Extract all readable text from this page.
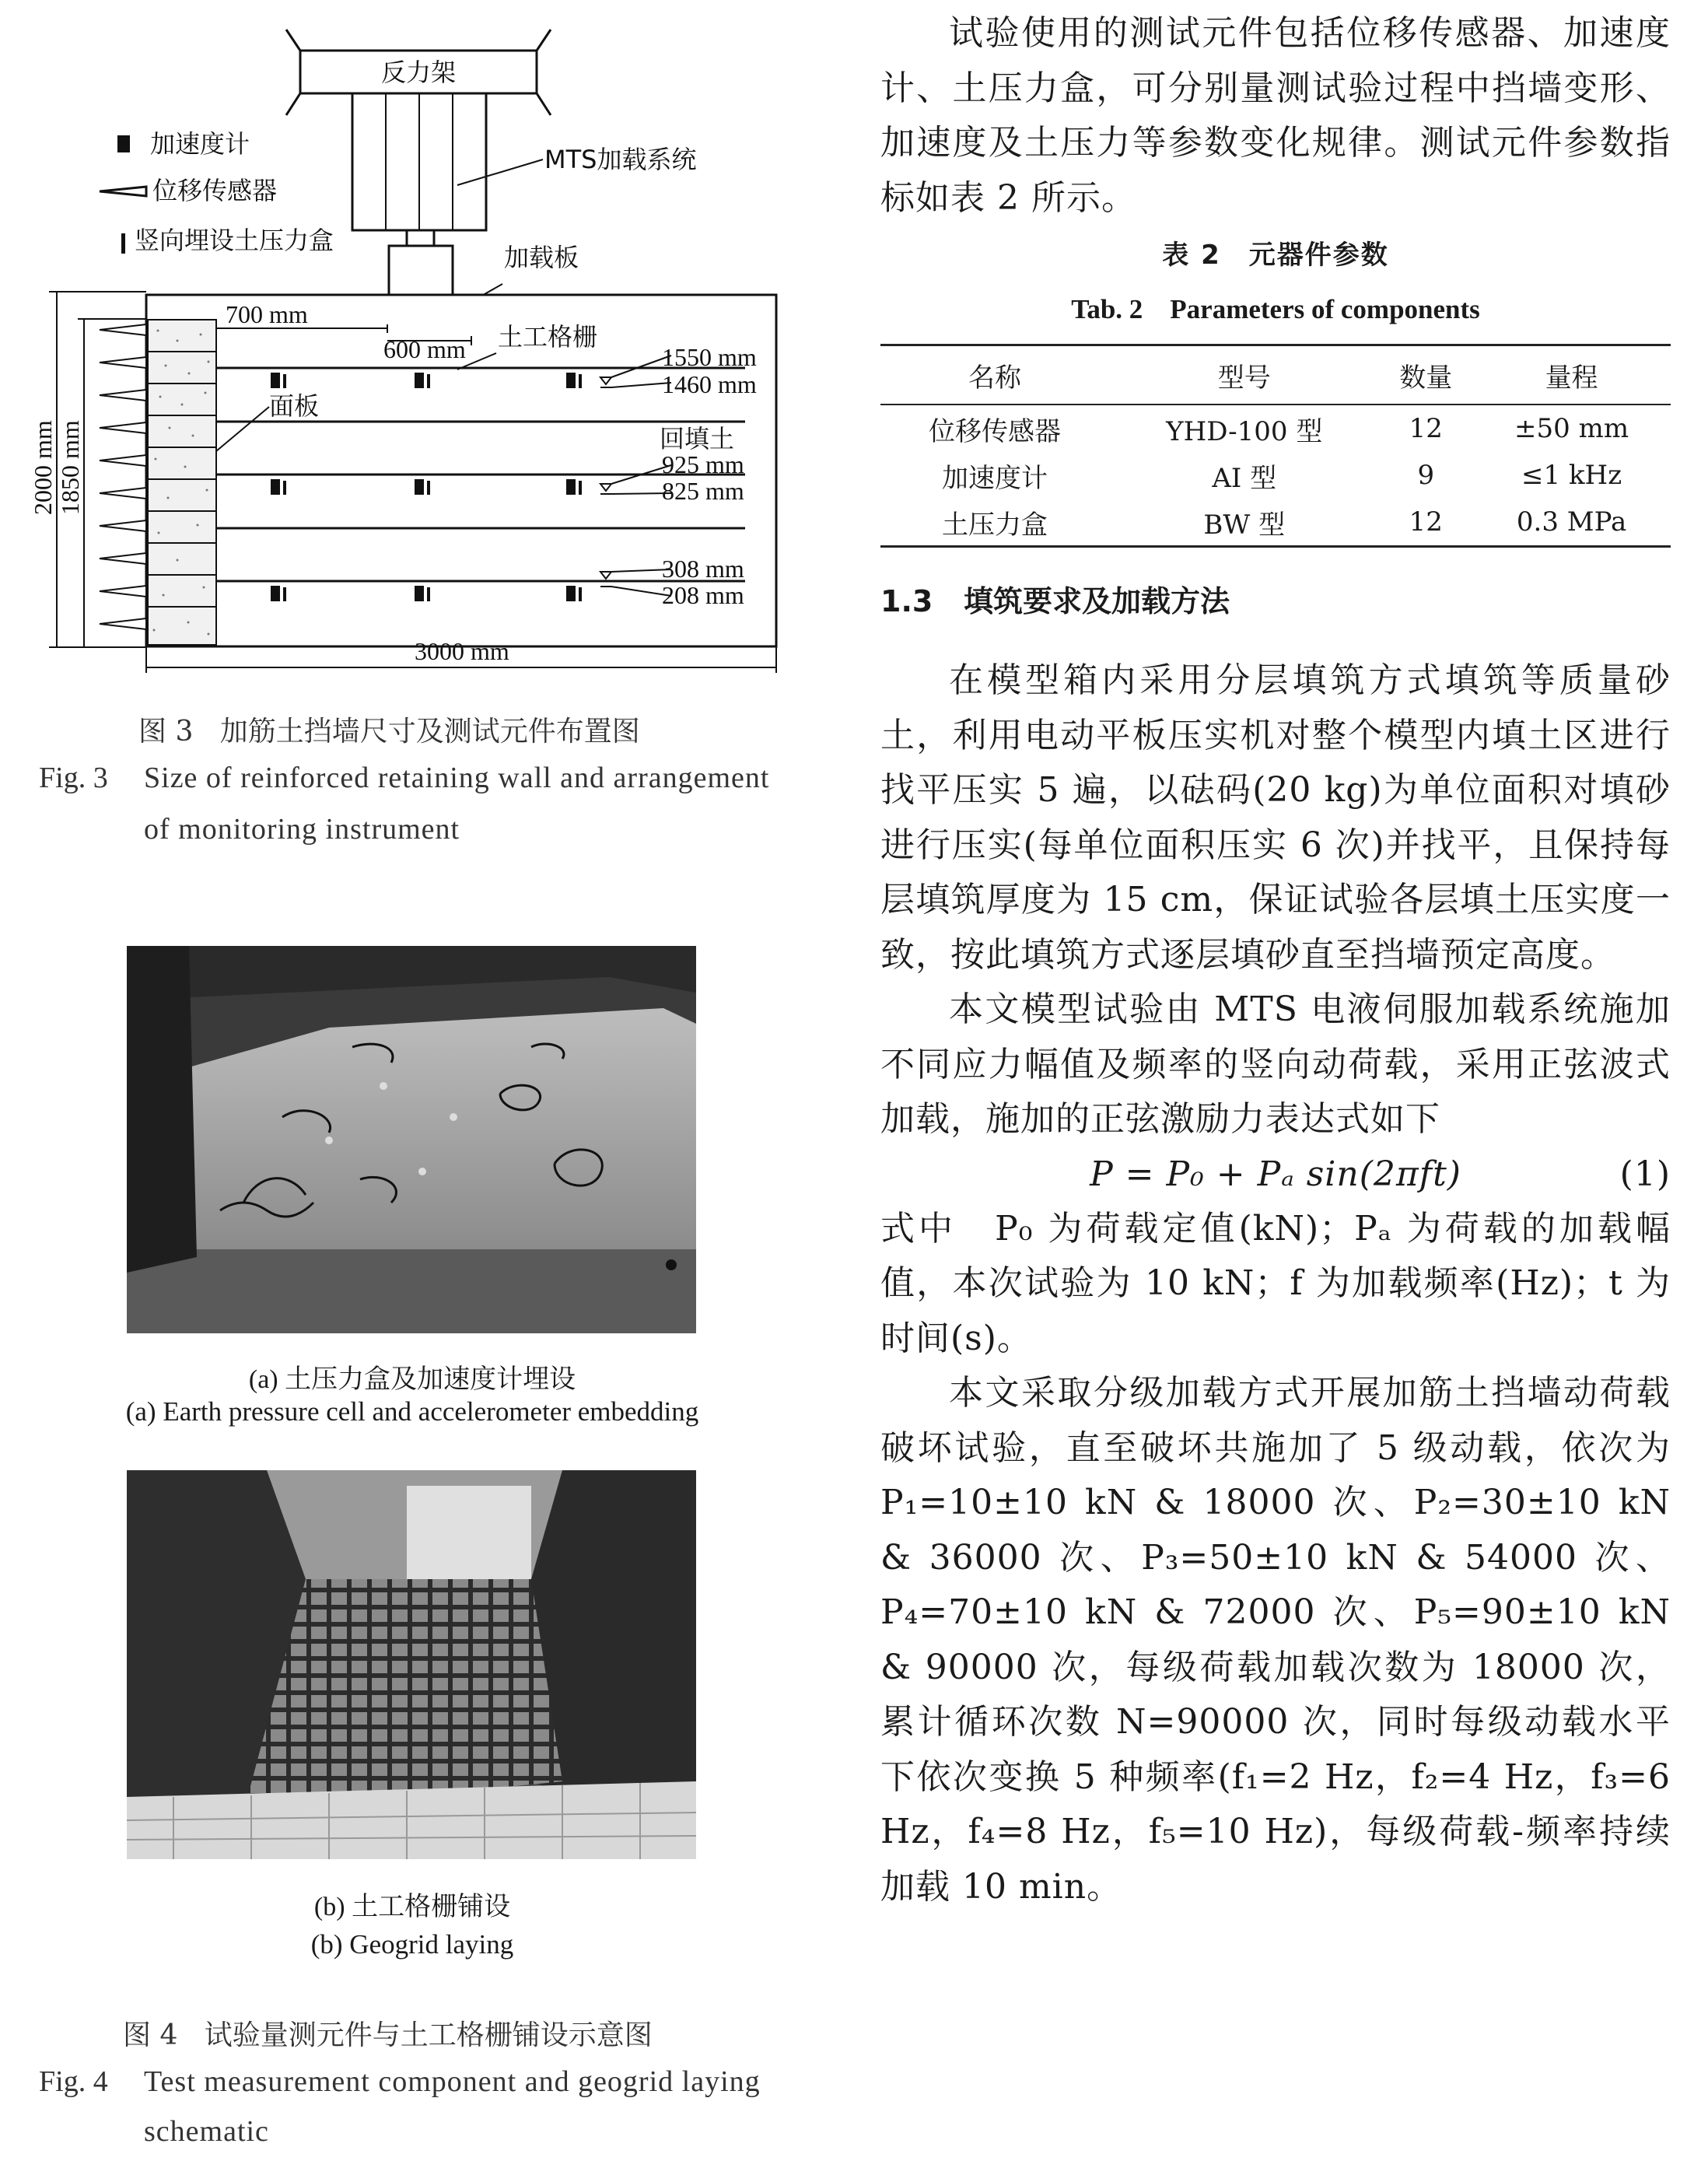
反力架
MTS加载系统
加载板
加速度计
位移传感器
竖向埋设土压力盒
面板
1550 mm
1460 mm
回填土
925 mm
825 mm
308 mm
208 mm
700 mm
600 mm
3000 mm
土工格栅
2000 mm 1850 mm
图 3 加筋土挡墙尺寸及测试元件布置图
Fig. 3 Size of reinforced retaining wall and arrangement
of monitoring instrument
(a) 土压力盒及加速度计埋设
(a) Earth pressure cell and accelerometer embedding
(b) 土工格栅铺设
(b) Geogrid laying
图 4 试验量测元件与土工格栅铺设示意图
Fig. 4 Test measurement component and geogrid laying
schematic

试验使用的测试元件包括位移传感器、加速度计、土压力盒，可分别量测试验过程中挡墙变形、加速度及土压力等参数变化规律。测试元件参数指标如表 2 所示。

表 2　元器件参数
Tab. 2　Parameters of components
名称	型号	数量	量程
位移传感器	YHD-100 型	12	±50 mm
加速度计	AI 型	9	≤1 kHz
土压力盒	BW 型	12	0.3 MPa
1.3 填筑要求及加载方法

在模型箱内采用分层填筑方式填筑等质量砂土，利用电动平板压实机对整个模型内填土区进行找平压实 5 遍，以砝码(20 kg)为单位面积对填砂进行压实(每单位面积压实 6 次)并找平，且保持每层填筑厚度为 15 cm，保证试验各层填土压实度一致，按此填筑方式逐层填砂直至挡墙预定高度。

本文模型试验由 MTS 电液伺服加载系统施加不同应力幅值及频率的竖向动荷载，采用正弦波式加载，施加的正弦激励力表达式如下

P = P₀ + Pₐ sin(2πft)	(1)

式中　P₀ 为荷载定值(kN)；Pₐ 为荷载的加载幅值，本次试验为 10 kN；f 为加载频率(Hz)；t 为时间(s)。

本文采取分级加载方式开展加筋土挡墙动荷载破坏试验，直至破坏共施加了 5 级动载，依次为P₁=10±10 kN & 18000 次、P₂=30±10 kN & 36000 次、P₃=50±10 kN & 54000 次、P₄=70±10 kN & 72000 次、P₅=90±10 kN & 90000 次，每级荷载加载次数为 18000 次，累计循环次数 N=90000 次，同时每级动载水平下依次变换 5 种频率(f₁=2 Hz，f₂=4 Hz，f₃=6 Hz，f₄=8 Hz，f₅=10 Hz)，每级荷载-频率持续加载 10 min。
